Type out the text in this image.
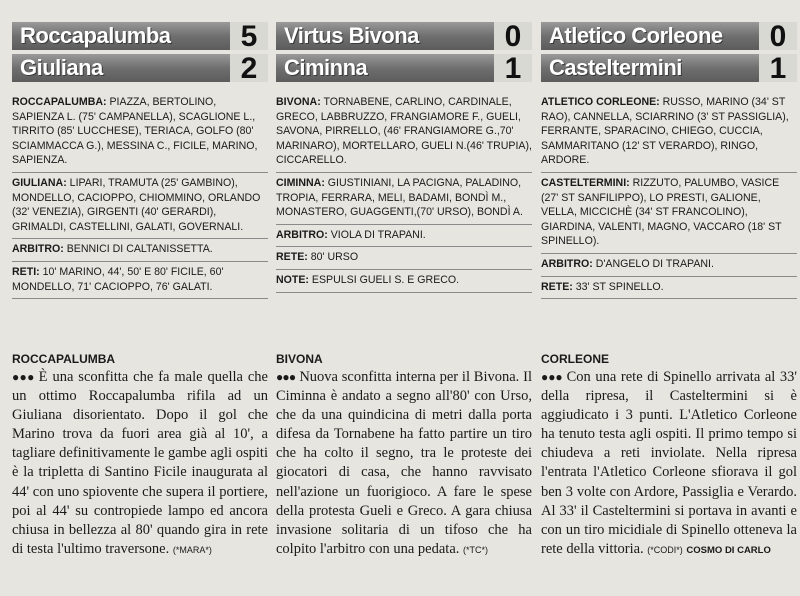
Roccapalumba	5
Giuliana	2
ROCCAPALUMBA: PIAZZA, BERTOLINO, SAPIENZA L. (75' CAMPANELLA), SCAGLIONE L., TIRRITO (85' LUCCHESE), TERIACA, GOLFO (80' SCIAMMACCA G.), MESSINA C., FICILE, MARINO, SAPIENZA.
GIULIANA: LIPARI, TRAMUTA (25' GAMBINO), MONDELLO, CACIOPPO, CHIOMMINO, ORLANDO (32' VENEZIA), GIRGENTI (40' GERARDI), GRIMALDI, CASTELLINI, GALATI, GOVERNALI.
ARBITRO: BENNICI DI CALTANISSETTA.
RETI: 10' MARINO, 44', 50' E 80' FICILE, 60' MONDELLO, 71' CACIOPPO, 76' GALATI.
ROCCAPALUMBA
●●● È una sconfitta che fa male quella che un ottimo Roccapalumba rifila ad un Giuliana disorientato. Dopo il gol che Marino trova da fuori area già al 10', a tagliare definitivamente le gambe agli ospiti è la tripletta di Santino Ficile inaugurata al 44' con uno spiovente che supera il portiere, poi al 44' su contropiede lampo ed ancora chiusa in bellezza al 80' quando gira in rete di testa l'ultimo traversone. (*MARA*)
Virtus Bivona	0
Ciminna	1
BIVONA: TORNABENE, CARLINO, CARDINALE, GRECO, LABBRUZZO, FRANGIAMORE F., GUELI, SAVONA, PIRRELLO, (46' FRANGIAMORE G.,70' MARINARO), MORTELLARO, GUELI N.(46' TRUPIA), CICCARELLO.
CIMINNA: GIUSTINIANI, LA PACIGNA, PALADINO, TROPIA, FERRARA, MELI, BADAMI, BONDÌ M., MONASTERO, GUAGGENTI,(70' URSO), BONDÌ A.
ARBITRO: VIOLA DI TRAPANI.
RETE: 80' URSO
NOTE: ESPULSI GUELI S. E GRECO.
BIVONA
●●● Nuova sconfitta interna per il Bivona. Il Ciminna è andato a segno all'80' con Urso, che da una quindicina di metri dalla porta difesa da Tornabene ha fatto partire un tiro che ha colto il segno, tra le proteste dei giocatori di casa, che hanno ravvisato nell'azione un fuorigioco. A fare le spese della protesta Gueli e Greco. A gara chiusa invasione solitaria di un tifoso che ha colpito l'arbitro con una pedata. (*TC*)
Atletico Corleone	0
Casteltermini	1
ATLETICO CORLEONE: RUSSO, MARINO (34' ST RAO), CANNELLA, SCIARRINO (3' ST PASSIGLIA), FERRANTE, SPARACINO, CHIEGO, CUCCIA, SAMMARITANO (12' ST VERARDO), RINGO, ARDORE.
CASTELTERMINI: RIZZUTO, PALUMBO, VASICE (27' ST SANFILIPPO), LO PRESTI, GALIONE, VELLA, MICCICHÈ (34' ST FRANCOLINO), GIARDINA, VALENTI, MAGNO, VACCARO (18' ST SPINELLO).
ARBITRO: D'ANGELO DI TRAPANI.
RETE: 33' ST SPINELLO.
CORLEONE
●●● Con una rete di Spinello arrivata al 33' della ripresa, il Casteltermini si è aggiudicato i 3 punti. L'Atletico Corleone ha tenuto testa agli ospiti. Il primo tempo si chiudeva a reti inviolate. Nella ripresa l'entrata l'Atletico Corleone sfiorava il gol ben 3 volte con Ardore, Passiglia e Verardo. Al 33' il Casteltermini si portava in avanti e con un tiro micidiale di Spinello otteneva la rete della vittoria. (*CODI*) COSMO DI CARLO
